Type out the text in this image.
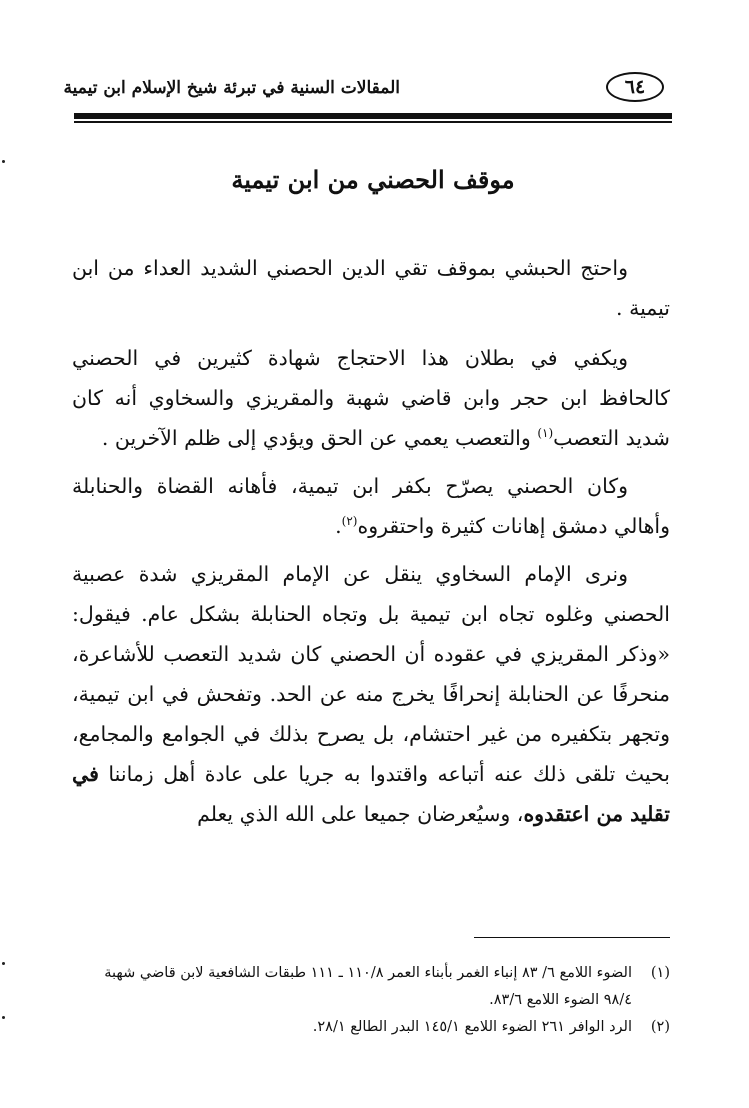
٦٤
المقالات السنية في تبرئة شيخ الإسلام ابن تيمية
موقف الحصني من ابن تيمية

واحتج الحبشي بموقف تقي الدين الحصني الشديد العداء من ابن تيمية .

ويكفي في بطلان هذا الاحتجاج شهادة كثيرين في الحصني كالحافظ ابن حجر وابن قاضي شهبة والمقريزي والسخاوي أنه كان شديد التعصب$^{(١)}$ والتعصب يعمي عن الحق ويؤدي إلى ظلم الآخرين .

وكان الحصني يصرّح بكفر ابن تيمية، فأهانه القضاة والحنابلة وأهالي دمشق إهانات كثيرة واحتقروه$^{(٢)}$.

ونرى الإمام السخاوي ينقل عن الإمام المقريزي شدة عصبية الحصني وغلوه تجاه ابن تيمية بل وتجاه الحنابلة بشكل عام. فيقول: «وذكر المقريزي في عقوده أن الحصني كان شديد التعصب للأشاعرة، منحرفًا عن الحنابلة إنحرافًا يخرج منه عن الحد. وتفحش في ابن تيمية، وتجهر بتكفيره من غير احتشام، بل يصرح بذلك في الجوامع والمجامع، بحيث تلقى ذلك عنه أتباعه واقتدوا به جريا على عادة أهل زماننا في تقليد من اعتقدوه، وسيُعرضان جميعا على الله الذي يعلم

(١)
الضوء اللامع ٦/ ٨٣ إنباء الغمر بأبناء العمر ١١٠/٨ ـ ١١١ طبقات الشافعية لابن قاضي شهبة ٩٨/٤ الضوء اللامع ٨٣/٦.

(٢)
الرد الوافر ٢٦١ الضوء اللامع ١٤٥/١ البدر الطالع ٢٨/١.
